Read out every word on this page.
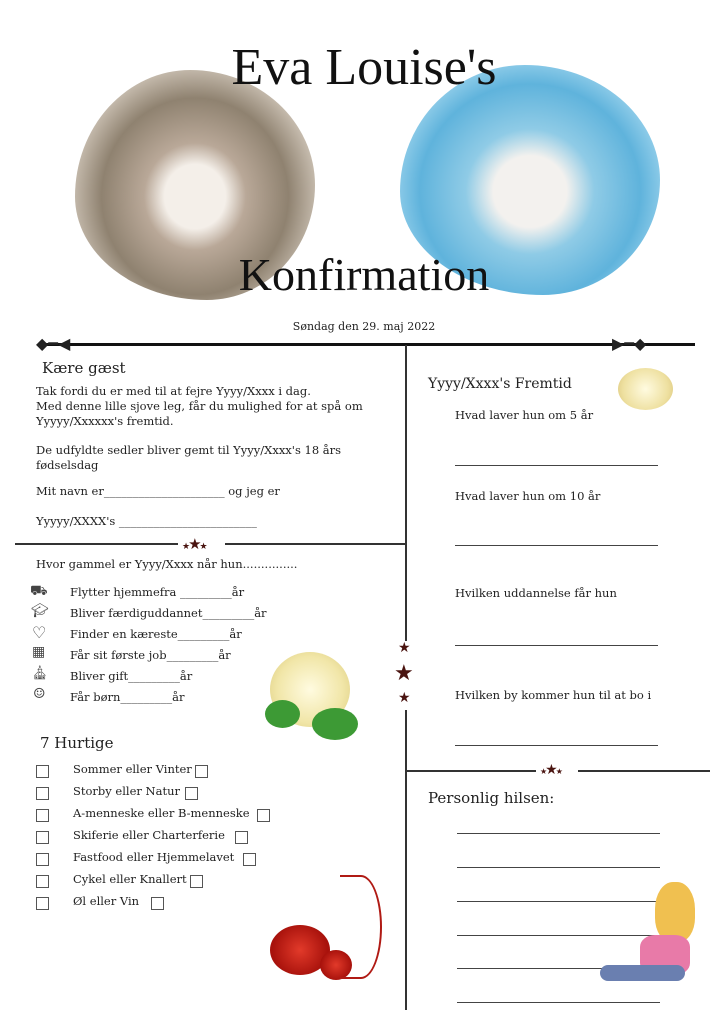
Eva Louise's
Konfirmation
Søndag den 29. maj 2022
◆━◀	▶━◆
★
★
★
Kære gæst
Tak fordi du er med til at fejre Yyyy/Xxxx i dag.
Med denne lille sjove leg, får du mulighed for at spå om
Yyyyy/Xxxxxx's fremtid.
De udfyldte sedler bliver gemt til Yyyy/Xxxx's 18 års
fødselsdag
Mit navn er_____________________ og jeg er
Yyyyy/XXXX's ________________________
★★★
Hvor gammel er Yyyy/Xxxx når hun...............
⛟ Flytter hjemmefra _________år
🎓︎ Bliver færdiguddannet_________år
♡ Finder en kæreste_________år
▦ Får sit første job_________år
⛪︎ Bliver gift_________år
☺ Får børn_________år
7 Hurtige
Sommer eller Vinter
Storby eller Natur
A-menneske eller B-menneske
Skiferie eller Charterferie
Fastfood eller Hjemmelavet
Cykel eller Knallert
Øl eller Vin
Yyyy/Xxxx's Fremtid
Hvad laver hun om 5 år
Hvad laver hun om 10 år
Hvilken uddannelse får hun
Hvilken by kommer hun til at bo i
★★★
Personlig hilsen:
